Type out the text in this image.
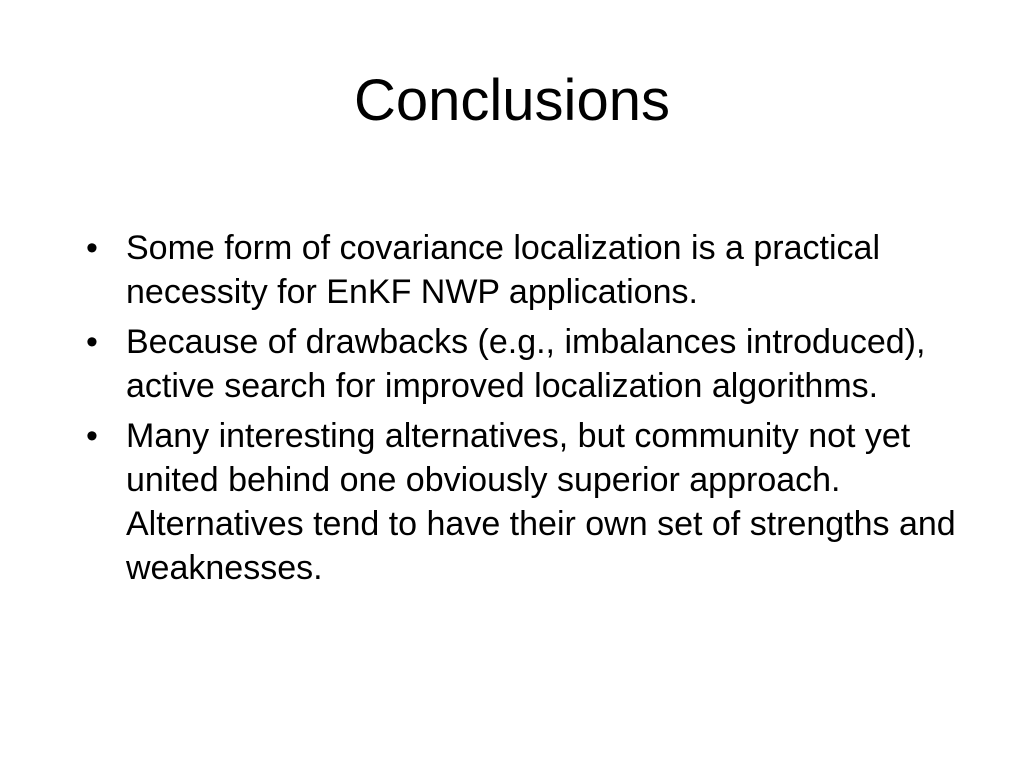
Conclusions
• Some form of covariance localization is a practical necessity for EnKF NWP applications.
• Because of drawbacks (e.g., imbalances introduced), active search for improved localization algorithms.
• Many interesting alternatives, but community not yet united behind one obviously superior approach.  Alternatives tend to have their own set of strengths and weaknesses.
